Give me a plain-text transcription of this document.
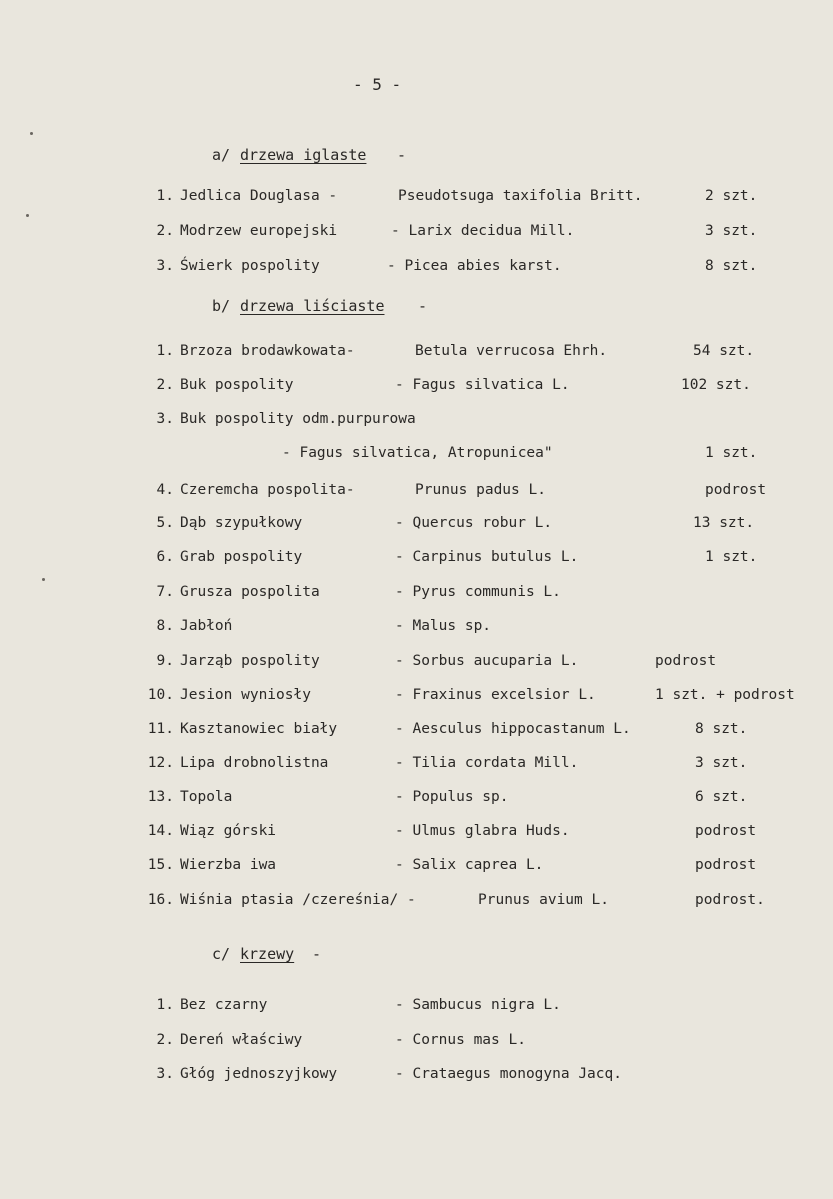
- 5 -
a/ drzewa iglaste -
1. Jedlica Douglasa -	Pseudotsuga taxifolia Britt.	2 szt.
2. Modrzew europejski	- Larix decidua Mill.	3 szt.
3. Świerk pospolity	- Picea abies karst.	8 szt.
b/ drzewa liściaste -
1. Brzoza brodawkowata-	Betula verrucosa Ehrh.	54 szt.
2. Buk pospolity	- Fagus silvatica L.	102 szt.
3. Buk pospolity odm.purpurowa
- Fagus silvatica, Atropunicea"	1 szt.
4. Czeremcha pospolita-	Prunus padus L.	podrost
5. Dąb szypułkowy	- Quercus robur L.	13 szt.
6. Grab pospolity	- Carpinus butulus L.	1 szt.
7. Grusza pospolita	- Pyrus communis L.
8. Jabłoń	- Malus sp.
9. Jarząb pospolity	- Sorbus aucuparia L.	podrost
10. Jesion wyniosły	- Fraxinus excelsior L.	1 szt. + podrost
11. Kasztanowiec biały	- Aesculus hippocastanum L.	8 szt.
12. Lipa drobnolistna	- Tilia cordata Mill.	3 szt.
13. Topola	- Populus sp.	6 szt.
14. Wiąz górski	- Ulmus glabra Huds.	podrost
15. Wierzba iwa	- Salix caprea L.	podrost
16. Wiśnia ptasia /czereśnia/ -	Prunus avium L.	podrost.
c/ krzewy -
1. Bez czarny	- Sambucus nigra L.
2. Dereń właściwy	- Cornus mas L.
3. Głóg jednoszyjkowy	- Crataegus monogyna Jacq.
